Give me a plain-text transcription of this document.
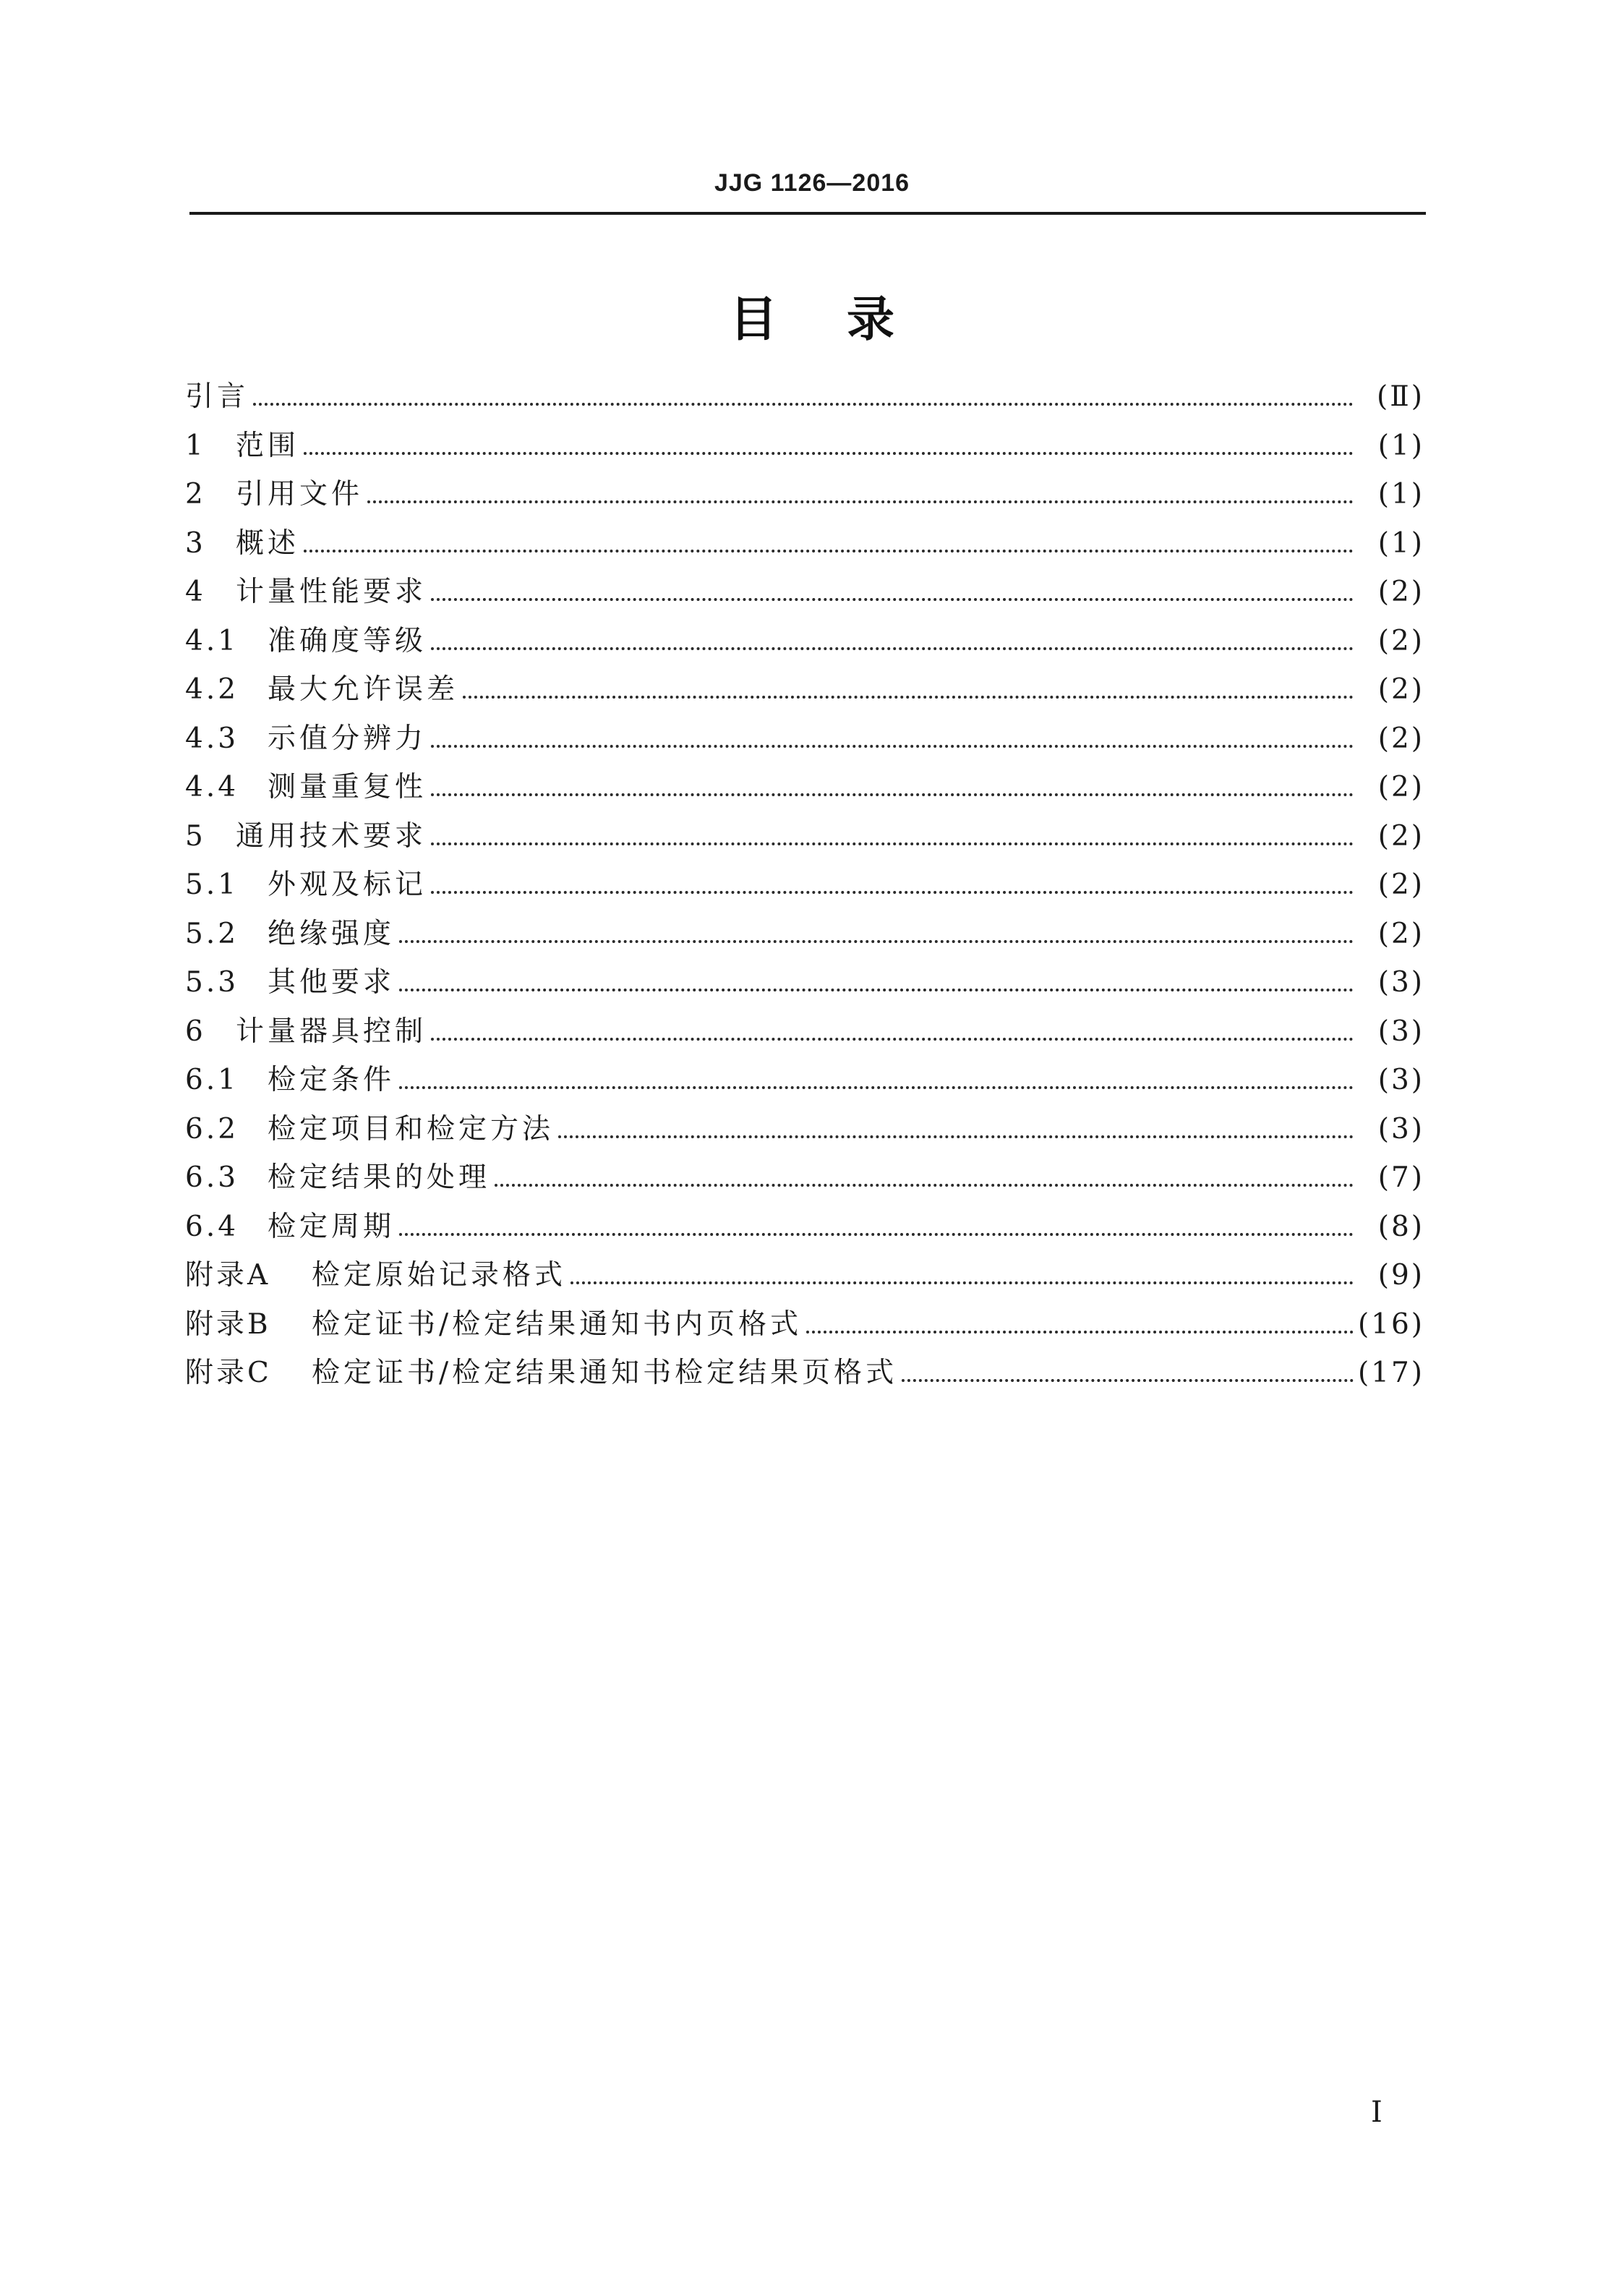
JJG 1126—2016
目录
引言	(Ⅱ)
1	范围	(1)
2	引用文件	(1)
3	概述	(1)
4	计量性能要求	(2)
4.1	准确度等级	(2)
4.2	最大允许误差	(2)
4.3	示值分辨力	(2)
4.4	测量重复性	(2)
5	通用技术要求	(2)
5.1	外观及标记	(2)
5.2	绝缘强度	(2)
5.3	其他要求	(3)
6	计量器具控制	(3)
6.1	检定条件	(3)
6.2	检定项目和检定方法	(3)
6.3	检定结果的处理	(7)
6.4	检定周期	(8)
附录A	检定原始记录格式	(9)
附录B	检定证书/检定结果通知书内页格式	(16)
附录C	检定证书/检定结果通知书检定结果页格式	(17)
I
